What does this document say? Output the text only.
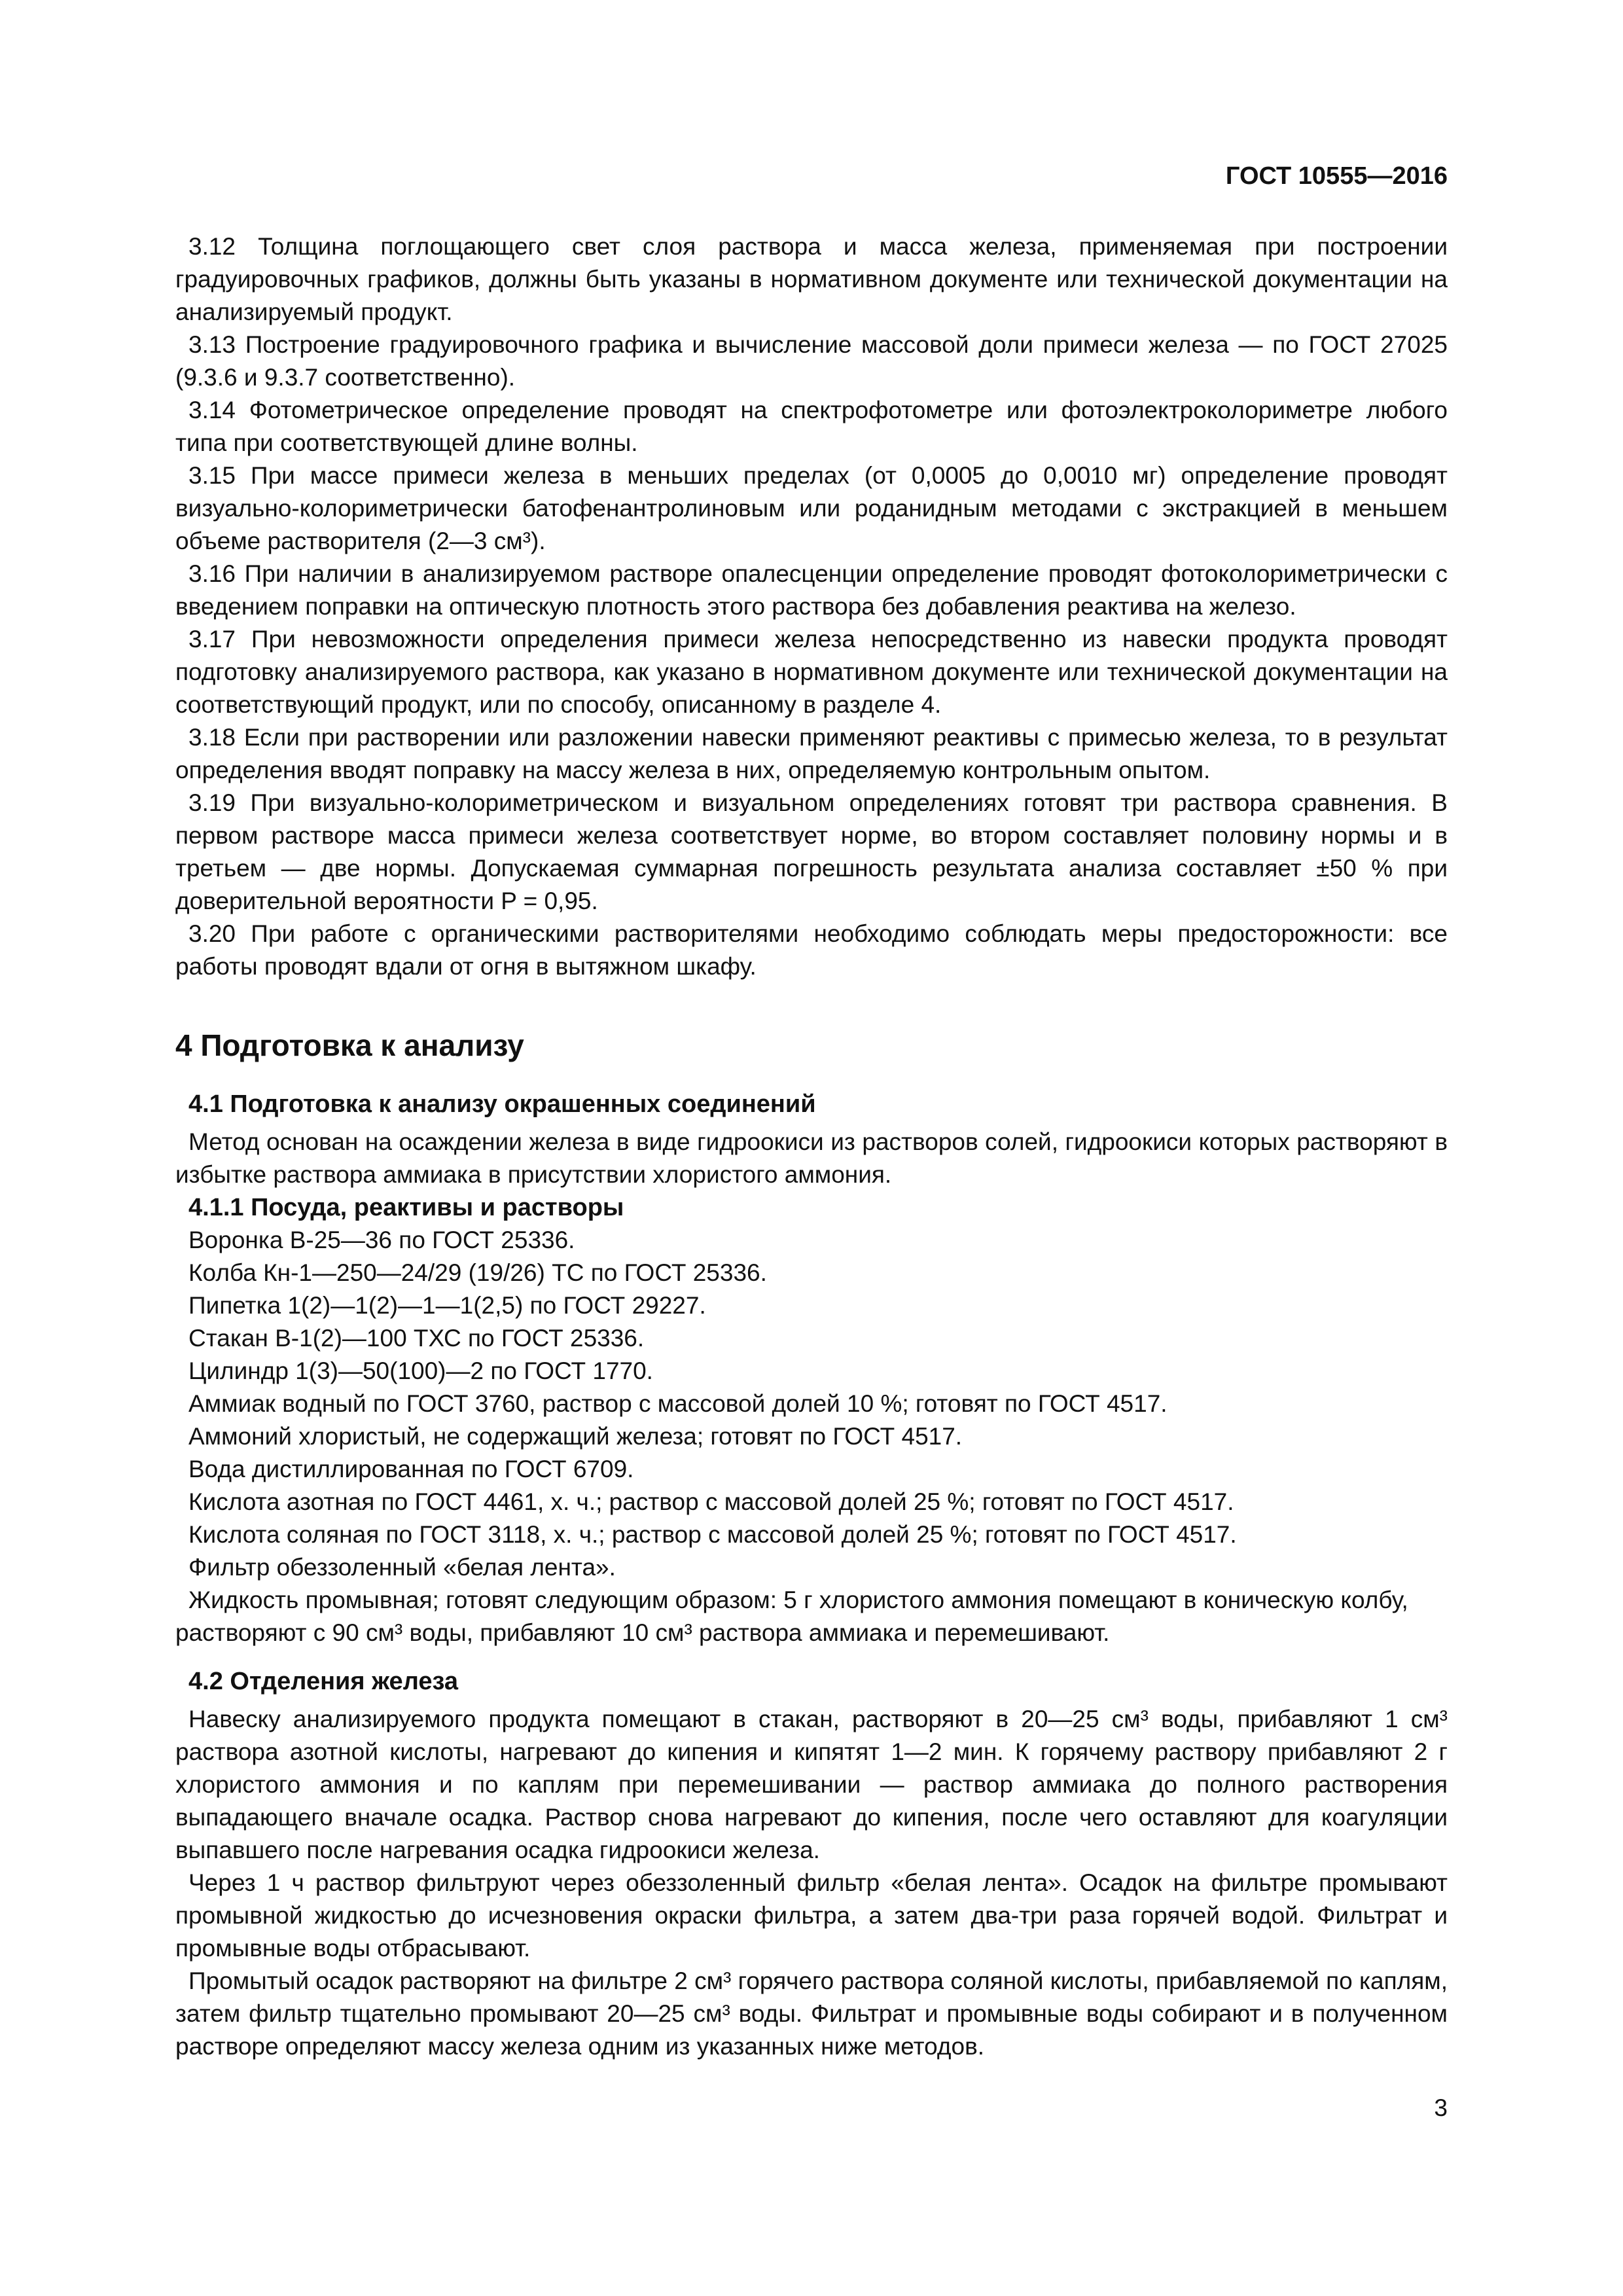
ГОСТ 10555—2016

3.12 Толщина поглощающего свет слоя раствора и масса железа, применяемая при построении градуировочных графиков, должны быть указаны в нормативном документе или технической документации на анализируемый продукт.

3.13 Построение градуировочного графика и вычисление массовой доли примеси железа — по ГОСТ 27025 (9.3.6 и 9.3.7 соответственно).

3.14 Фотометрическое определение проводят на спектрофотометре или фотоэлектроколориметре любого типа при соответствующей длине волны.

3.15 При массе примеси железа в меньших пределах (от 0,0005 до 0,0010 мг) определение проводят визуально-колориметрически батофенантролиновым или роданидным методами с экстракцией в меньшем объеме растворителя (2—3 см³).

3.16 При наличии в анализируемом растворе опалесценции определение проводят фотоколориметрически с введением поправки на оптическую плотность этого раствора без добавления реактива на железо.

3.17 При невозможности определения примеси железа непосредственно из навески продукта проводят подготовку анализируемого раствора, как указано в нормативном документе или технической документации на соответствующий продукт, или по способу, описанному в разделе 4.

3.18 Если при растворении или разложении навески применяют реактивы с примесью железа, то в результат определения вводят поправку на массу железа в них, определяемую контрольным опытом.

3.19 При визуально-колориметрическом и визуальном определениях готовят три раствора сравнения. В первом растворе масса примеси железа соответствует норме, во втором составляет половину нормы и в третьем — две нормы. Допускаемая суммарная погрешность результата анализа составляет ±50 % при доверительной вероятности P = 0,95.

3.20 При работе с органическими растворителями необходимо соблюдать меры предосторожности: все работы проводят вдали от огня в вытяжном шкафу.

4 Подготовка к анализу
4.1 Подготовка к анализу окрашенных соединений

Метод основан на осаждении железа в виде гидроокиси из растворов солей, гидроокиси которых растворяют в избытке раствора аммиака в присутствии хлористого аммония.

4.1.1 Посуда, реактивы и растворы

Воронка В-25—36 по ГОСТ 25336.

Колба Кн-1—250—24/29 (19/26) ТС по ГОСТ 25336.

Пипетка 1(2)—1(2)—1—1(2,5) по ГОСТ 29227.

Стакан В-1(2)—100 ТХС по ГОСТ 25336.

Цилиндр 1(3)—50(100)—2 по ГОСТ 1770.

Аммиак водный по ГОСТ 3760, раствор с массовой долей 10 %; готовят по ГОСТ 4517.

Аммоний хлористый, не содержащий железа; готовят по ГОСТ 4517.

Вода дистиллированная по ГОСТ 6709.

Кислота азотная по ГОСТ 4461, х. ч.; раствор с массовой долей 25 %; готовят по ГОСТ 4517.

Кислота соляная по ГОСТ 3118, х. ч.; раствор с массовой долей 25 %; готовят по ГОСТ 4517.

Фильтр обеззоленный «белая лента».

Жидкость промывная; готовят следующим образом: 5 г хлористого аммония помещают в коническую колбу, растворяют с 90 см³ воды, прибавляют 10 см³ раствора аммиака и перемешивают.

4.2 Отделения железа

Навеску анализируемого продукта помещают в стакан, растворяют в 20—25 см³ воды, прибавляют 1 см³ раствора азотной кислоты, нагревают до кипения и кипятят 1—2 мин. К горячему раствору прибавляют 2 г хлористого аммония и по каплям при перемешивании — раствор аммиака до полного растворения выпадающего вначале осадка. Раствор снова нагревают до кипения, после чего оставляют для коагуляции выпавшего после нагревания осадка гидроокиси железа.

Через 1 ч раствор фильтруют через обеззоленный фильтр «белая лента». Осадок на фильтре промывают промывной жидкостью до исчезновения окраски фильтра, а затем два-три раза горячей водой. Фильтрат и промывные воды отбрасывают.

Промытый осадок растворяют на фильтре 2 см³ горячего раствора соляной кислоты, прибавляемой по каплям, затем фильтр тщательно промывают 20—25 см³ воды. Фильтрат и промывные воды собирают и в полученном растворе определяют массу железа одним из указанных ниже методов.

3
